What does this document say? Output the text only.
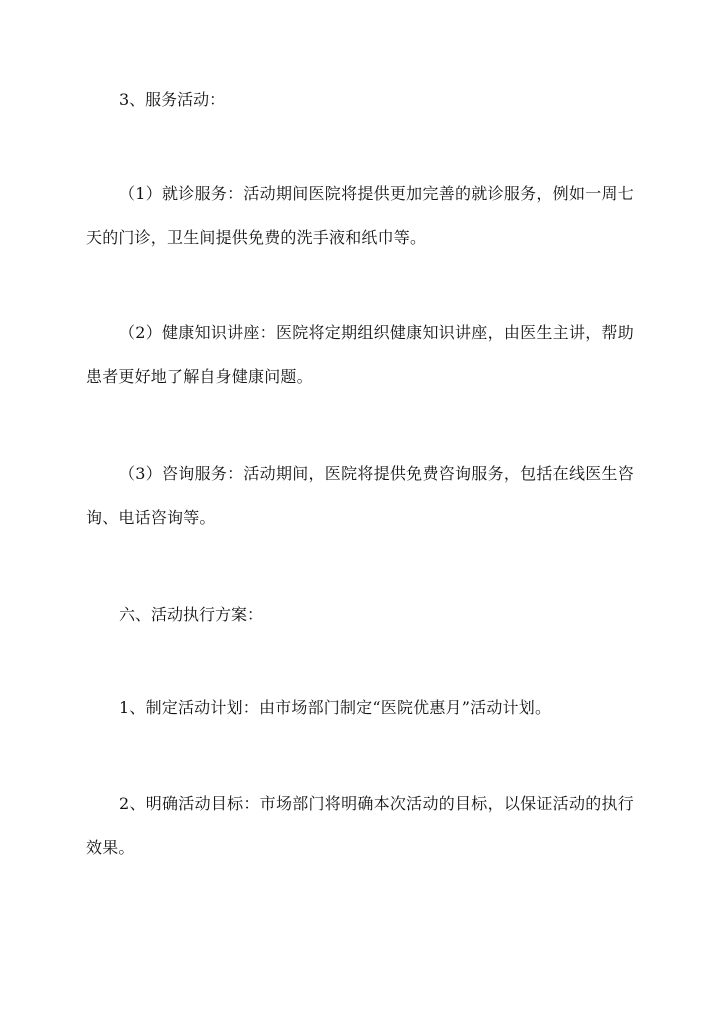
3、服务活动：

（1）就诊服务：活动期间医院将提供更加完善的就诊服务，例如一周七天的门诊，卫生间提供免费的洗手液和纸巾等。

（2）健康知识讲座：医院将定期组织健康知识讲座，由医生主讲，帮助患者更好地了解自身健康问题。

（3）咨询服务：活动期间，医院将提供免费咨询服务，包括在线医生咨询、电话咨询等。

六、活动执行方案：

1、制定活动计划：由市场部门制定“医院优惠月”活动计划。

2、明确活动目标：市场部门将明确本次活动的目标，以保证活动的执行效果。
